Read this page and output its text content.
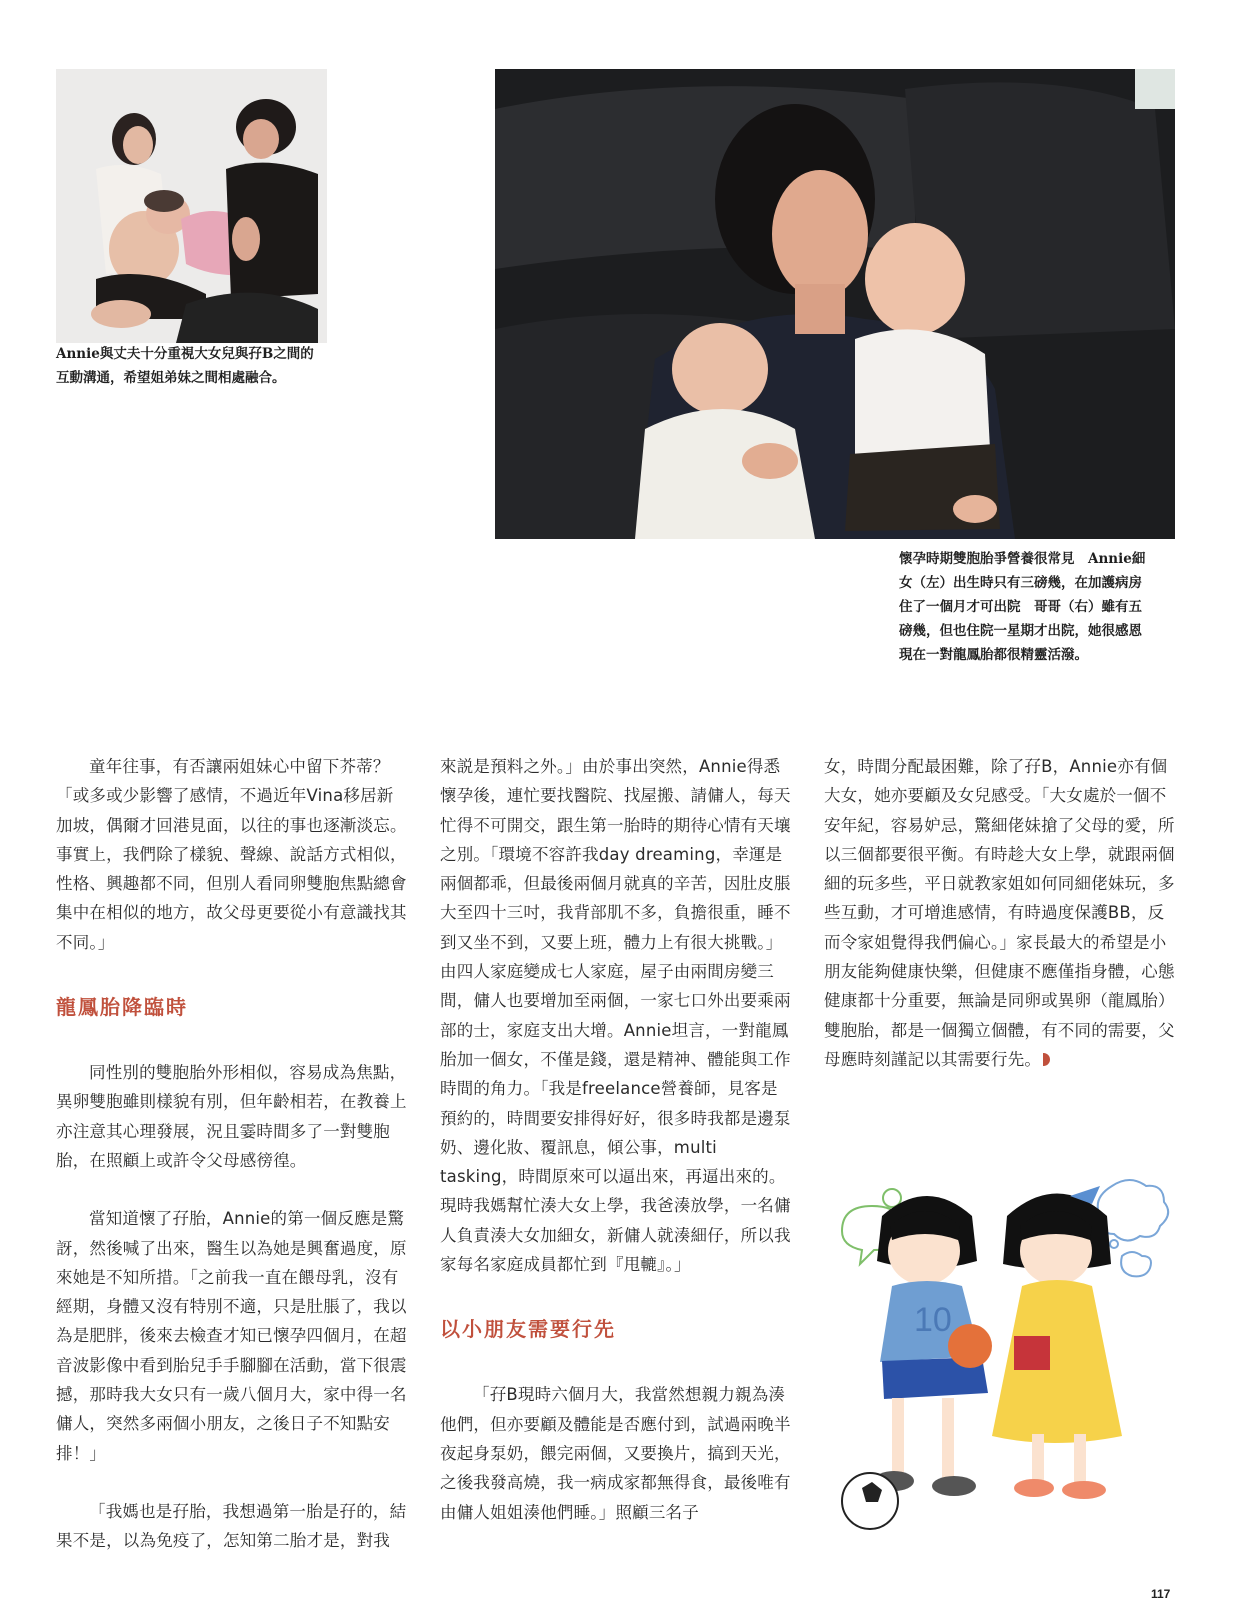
Annie與丈夫十分重視大女兒與孖B之間的

互動溝通，希望姐弟妹之間相處融合。

懷孕時期雙胞胎爭營養很常見　Annie細

女（左）出生時只有三磅幾，在加護病房

住了一個月才可出院　哥哥（右）雖有五

磅幾，但也住院一星期才出院，她很感恩

現在一對龍鳳胎都很精靈活潑。

童年往事，有否讓兩姐妹心中留下芥蒂？「或多或少影響了感情，不過近年Vina移居新加坡，偶爾才回港見面，以往的事也逐漸淡忘。事實上，我們除了樣貌、聲線、說話方式相似，性格、興趣都不同，但別人看同卵雙胞焦點總會集中在相似的地方，故父母更要從小有意識找其不同。」

龍鳳胎降臨時

同性別的雙胞胎外形相似，容易成為焦點，異卵雙胞雖則樣貌有別，但年齡相若，在教養上亦注意其心理發展，況且霎時間多了一對雙胞胎，在照顧上或許令父母感徬徨。

當知道懷了孖胎，Annie的第一個反應是驚訝，然後喊了出來，醫生以為她是興奮過度，原來她是不知所措。「之前我一直在餵母乳，沒有經期，身體又沒有特別不適，只是肚脹了，我以為是肥胖，後來去檢查才知已懷孕四個月，在超音波影像中看到胎兒手手腳腳在活動，當下很震撼，那時我大女只有一歲八個月大，家中得一名傭人，突然多兩個小朋友，之後日子不知點安排！」

「我媽也是孖胎，我想過第一胎是孖的，結果不是，以為免疫了，怎知第二胎才是，對我

來説是預料之外。」由於事出突然，Annie得悉懷孕後，連忙要找醫院、找屋搬、請傭人，每天忙得不可開交，跟生第一胎時的期待心情有天壤之別。「環境不容許我day dreaming，幸運是兩個都乖，但最後兩個月就真的辛苦，因肚皮脹大至四十三吋，我背部肌不多，負擔很重，睡不到又坐不到，又要上班，體力上有很大挑戰。」由四人家庭變成七人家庭，屋子由兩間房變三間，傭人也要增加至兩個，一家七口外出要乘兩部的士，家庭支出大增。Annie坦言，一對龍鳳胎加一個女，不僅是錢，還是精神、體能與工作時間的角力。「我是freelance營養師，見客是預約的，時間要安排得好好，很多時我都是邊泵奶、邊化妝、覆訊息，傾公事，multi tasking，時間原來可以逼出來，再逼出來的。現時我媽幫忙湊大女上學，我爸湊放學，一名傭人負責湊大女加細女，新傭人就湊細仔，所以我家每名家庭成員都忙到『甩轆』。」

以小朋友需要行先

「孖B現時六個月大，我當然想親力親為湊他們，但亦要顧及體能是否應付到，試過兩晚半夜起身泵奶，餵完兩個，又要換片，搞到天光，之後我發高燒，我一病成家都無得食，最後唯有由傭人姐姐湊他們睡。」照顧三名子

女，時間分配最困難，除了孖B，Annie亦有個大女，她亦要顧及女兒感受。「大女處於一個不安年紀，容易妒忌，驚細佬妹搶了父母的愛，所以三個都要很平衡。有時趁大女上學，就跟兩個細的玩多些，平日就教家姐如何同細佬妹玩，多些互動，才可增進感情，有時過度保護BB，反而令家姐覺得我們偏心。」家長最大的希望是小朋友能夠健康快樂，但健康不應僅指身體，心態健康都十分重要，無論是同卵或異卵（龍鳳胎）雙胞胎，都是一個獨立個體，有不同的需要，父母應時刻謹記以其需要行先。

10
117
